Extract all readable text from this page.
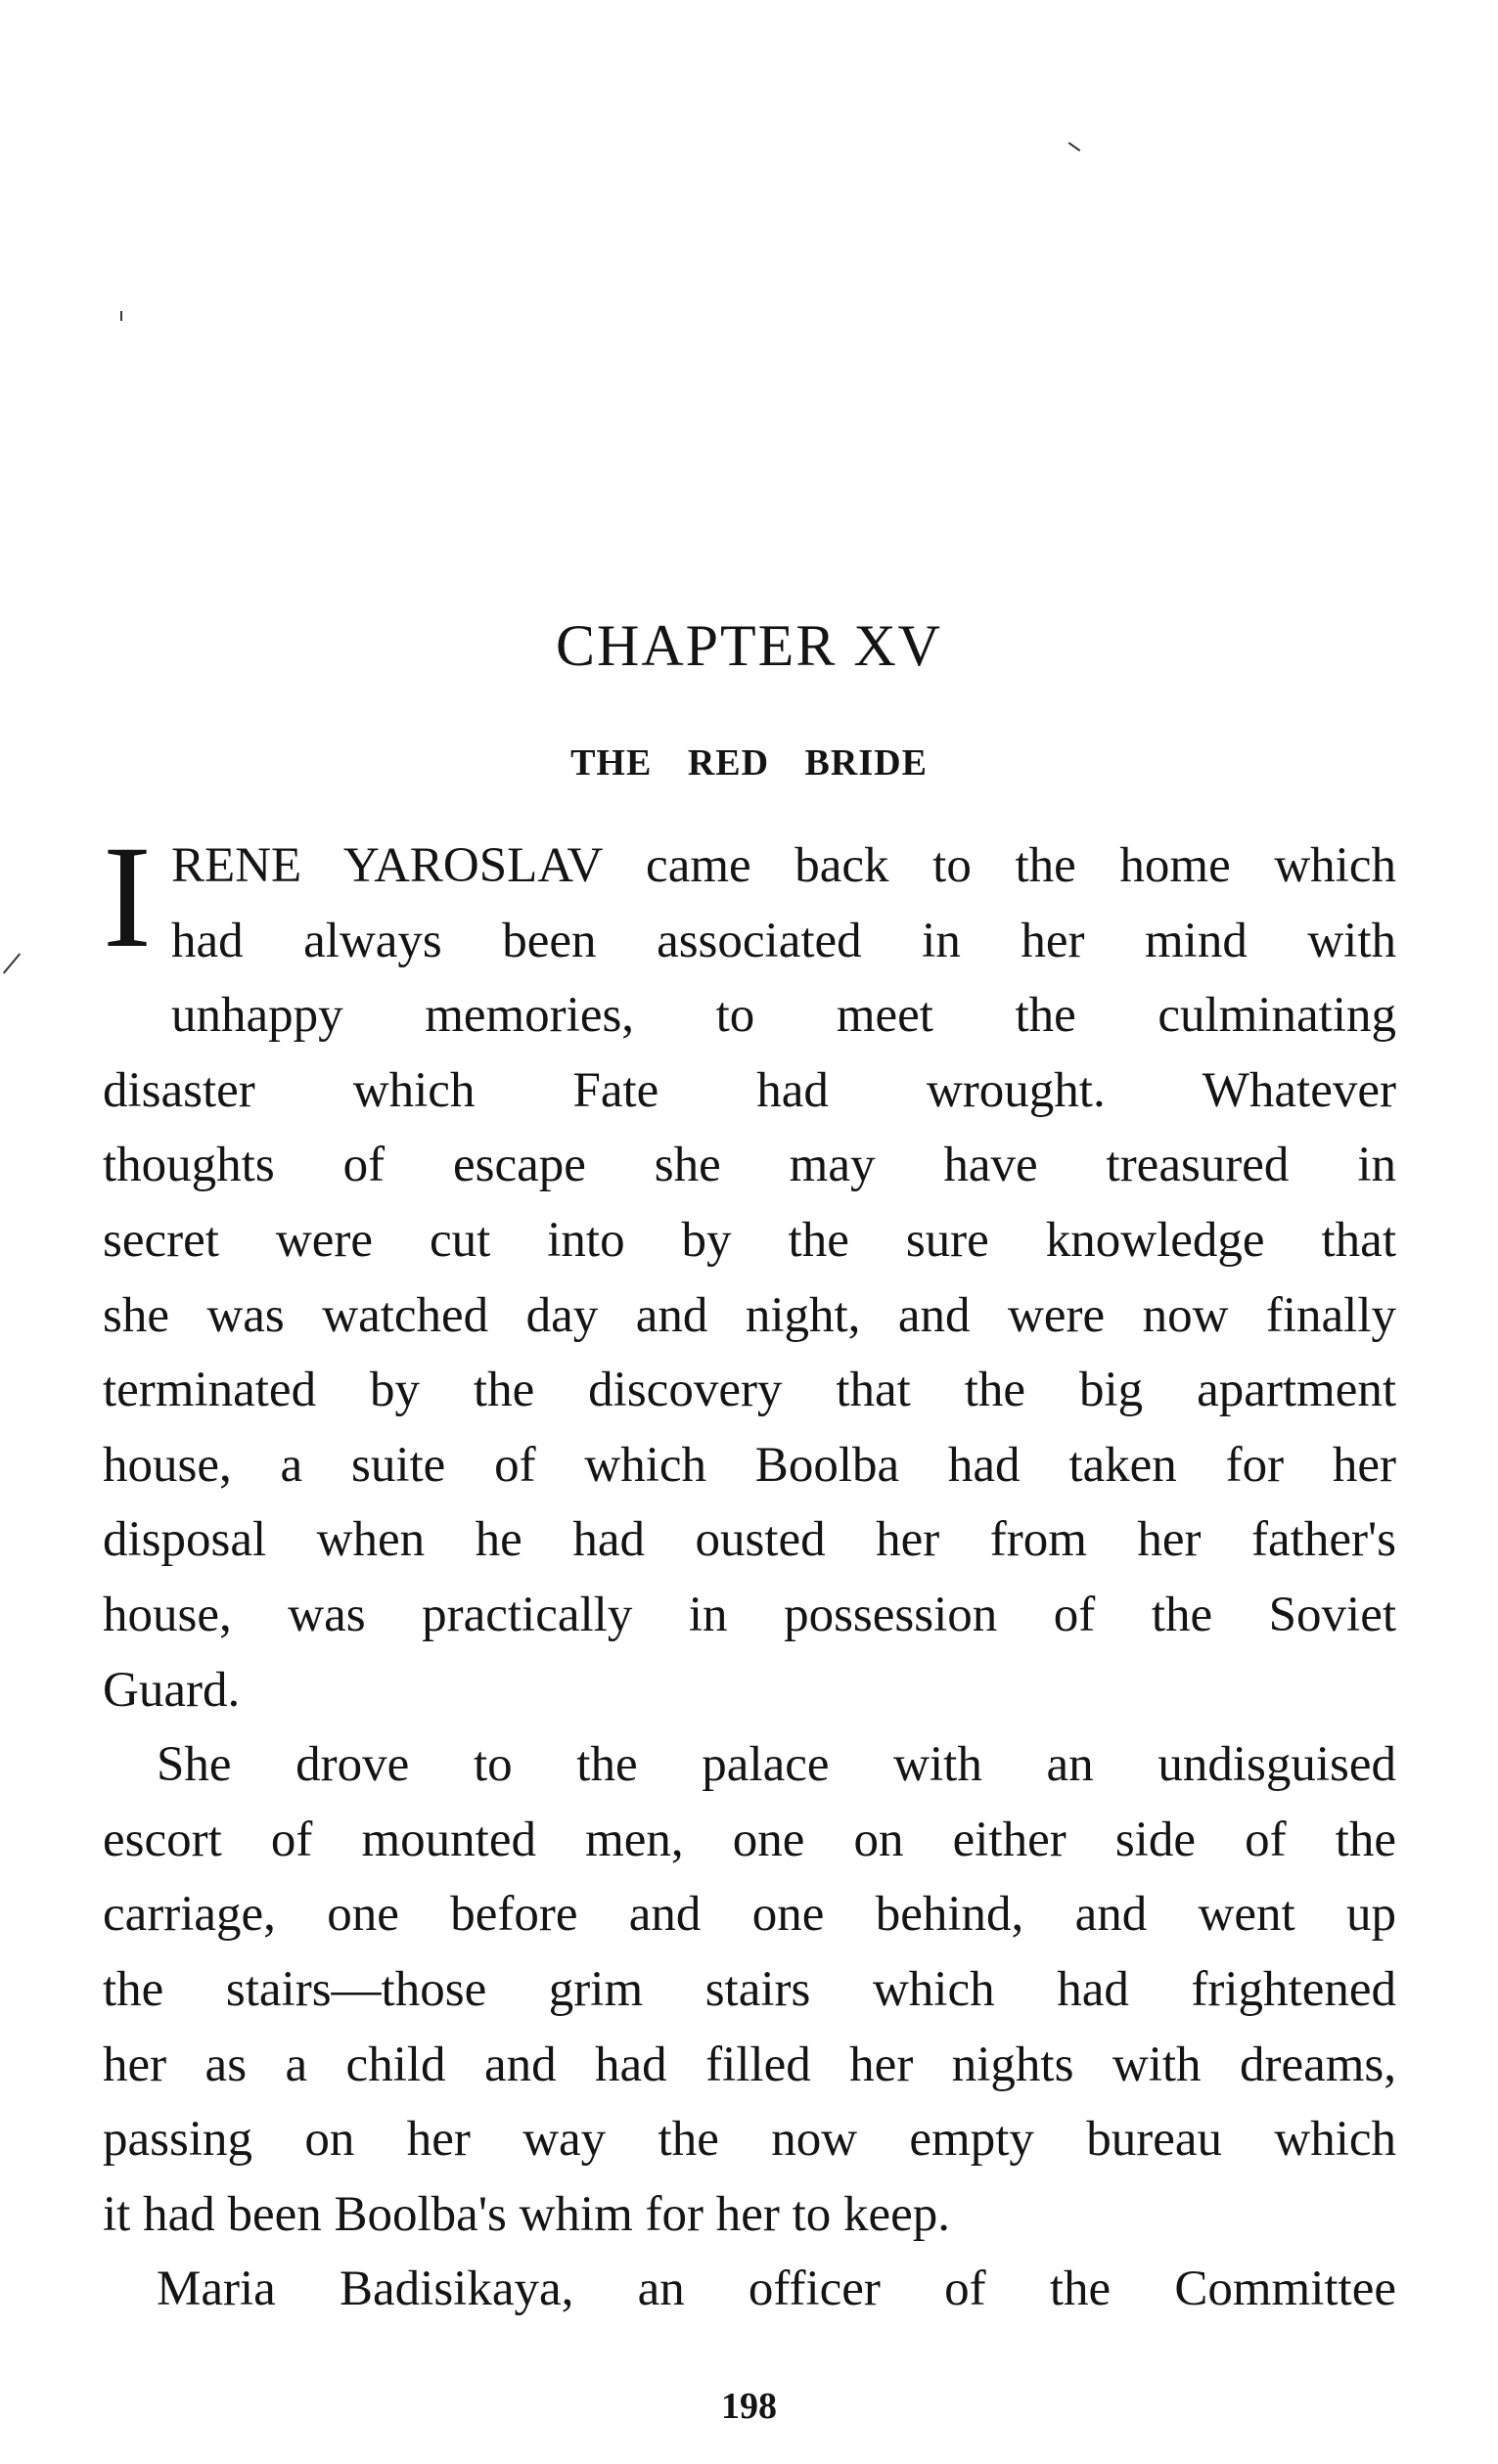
CHAPTER XV
THE RED BRIDE
I RENE YAROSLAV came back to the home which
had always been associated in her mind with
unhappy memories, to meet the culminating
disaster which Fate had wrought. Whatever
thoughts of escape she may have treasured in
secret were cut into by the sure knowledge that
she was watched day and night, and were now finally
terminated by the discovery that the big apartment
house, a suite of which Boolba had taken for her
disposal when he had ousted her from her father's
house, was practically in possession of the Soviet
Guard.
She drove to the palace with an undisguised
escort of mounted men, one on either side of the
carriage, one before and one behind, and went up
the stairs—those grim stairs which had frightened
her as a child and had filled her nights with dreams,
passing on her way the now empty bureau which
it had been Boolba's whim for her to keep.
Maria Badisikaya, an officer of the Committee
198
